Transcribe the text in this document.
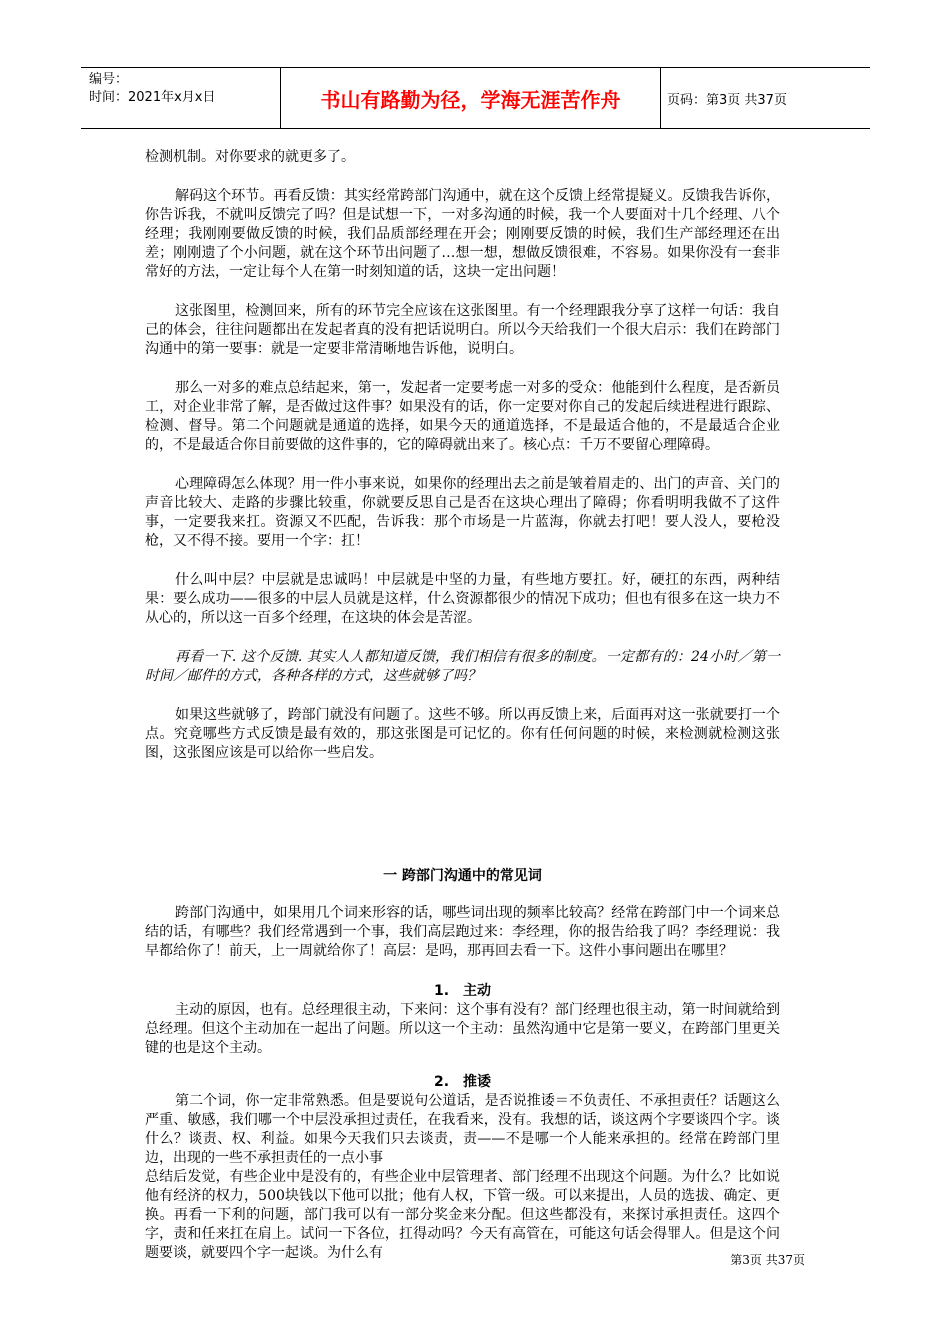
编号：
时间：2021年x月x日	书山有路勤为径，学海无涯苦作舟	页码：第3页 共37页

检测机制。对你要求的就更多了。

解码这个环节。再看反馈：其实经常跨部门沟通中，就在这个反馈上经常提疑义。反馈我告诉你，你告诉我，不就叫反馈完了吗？但是试想一下，一对多沟通的时候，我一个人要面对十几个经理、八个经理；我刚刚要做反馈的时候，我们品质部经理在开会；刚刚要反馈的时候，我们生产部经理还在出差；刚刚遗了个小问题，就在这个环节出问题了…想一想，想做反馈很难，不容易。如果你没有一套非常好的方法，一定让每个人在第一时刻知道的话，这块一定出问题！

这张图里，检测回来，所有的环节完全应该在这张图里。有一个经理跟我分享了这样一句话：我自己的体会，往往问题都出在发起者真的没有把话说明白。所以今天给我们一个很大启示：我们在跨部门沟通中的第一要事：就是一定要非常清晰地告诉他，说明白。

那么一对多的难点总结起来，第一，发起者一定要考虑一对多的受众：他能到什么程度，是否新员工，对企业非常了解，是否做过这件事？如果没有的话，你一定要对你自己的发起后续进程进行跟踪、检测、督导。第二个问题就是通道的选择，如果今天的通道选择，不是最适合他的，不是最适合企业的，不是最适合你目前要做的这件事的，它的障碍就出来了。核心点：千万不要留心理障碍。

心理障碍怎么体现？用一件小事来说，如果你的经理出去之前是皱着眉走的、出门的声音、关门的声音比较大、走路的步骤比较重，你就要反思自己是否在这块心理出了障碍；你看明明我做不了这件事，一定要我来扛。资源又不匹配，告诉我：那个市场是一片蓝海，你就去打吧！要人没人，要枪没枪，又不得不接。要用一个字：扛！

什么叫中层？中层就是忠诚吗！中层就是中坚的力量，有些地方要扛。好，硬扛的东西，两种结果：要么成功——很多的中层人员就是这样，什么资源都很少的情况下成功；但也有很多在这一块力不从心的，所以这一百多个经理，在这块的体会是苦涩。

再看一下. 这个反馈. 其实人人都知道反馈，我们相信有很多的制度。一定都有的：24小时／第一时间／邮件的方式，各种各样的方式，这些就够了吗？

如果这些就够了，跨部门就没有问题了。这些不够。所以再反馈上来，后面再对这一张就要打一个点。究竟哪些方式反馈是最有效的，那这张图是可记忆的。你有任何问题的时候，来检测就检测这张图，这张图应该是可以给你一些启发。

一 跨部门沟通中的常见词

跨部门沟通中，如果用几个词来形容的话，哪些词出现的频率比较高？经常在跨部门中一个词来总结的话，有哪些？我们经常遇到一个事，我们高层跑过来：李经理，你的报告给我了吗？李经理说：我早都给你了！前天，上一周就给你了！高层：是吗，那再回去看一下。这件小事问题出在哪里？

1.　主动

主动的原因，也有。总经理很主动，下来问：这个事有没有？部门经理也很主动，第一时间就给到总经理。但这个主动加在一起出了问题。所以这一个主动：虽然沟通中它是第一要义，在跨部门里更关键的也是这个主动。

2.　推诿

第二个词，你一定非常熟悉。但是要说句公道话，是否说推诿＝不负责任、不承担责任？话题这么严重、敏感，我们哪一个中层没承担过责任，在我看来，没有。我想的话，谈这两个字要谈四个字。谈什么？谈责、权、利益。如果今天我们只去谈责，责——不是哪一个人能来承担的。经常在跨部门里边，出现的一些不承担责任的一点小事

总结后发觉，有些企业中是没有的，有些企业中层管理者、部门经理不出现这个问题。为什么？比如说他有经济的权力，500块钱以下他可以批；他有人权，下管一级。可以来提出，人员的选拔、确定、更换。再看一下利的问题，部门我可以有一部分奖金来分配。但这些都没有，来探讨承担责任。这四个字，责和任来扛在肩上。试问一下各位，扛得动吗？今天有高管在，可能这句话会得罪人。但是这个问题要谈，就要四个字一起谈。为什么有	第3页 共37页
